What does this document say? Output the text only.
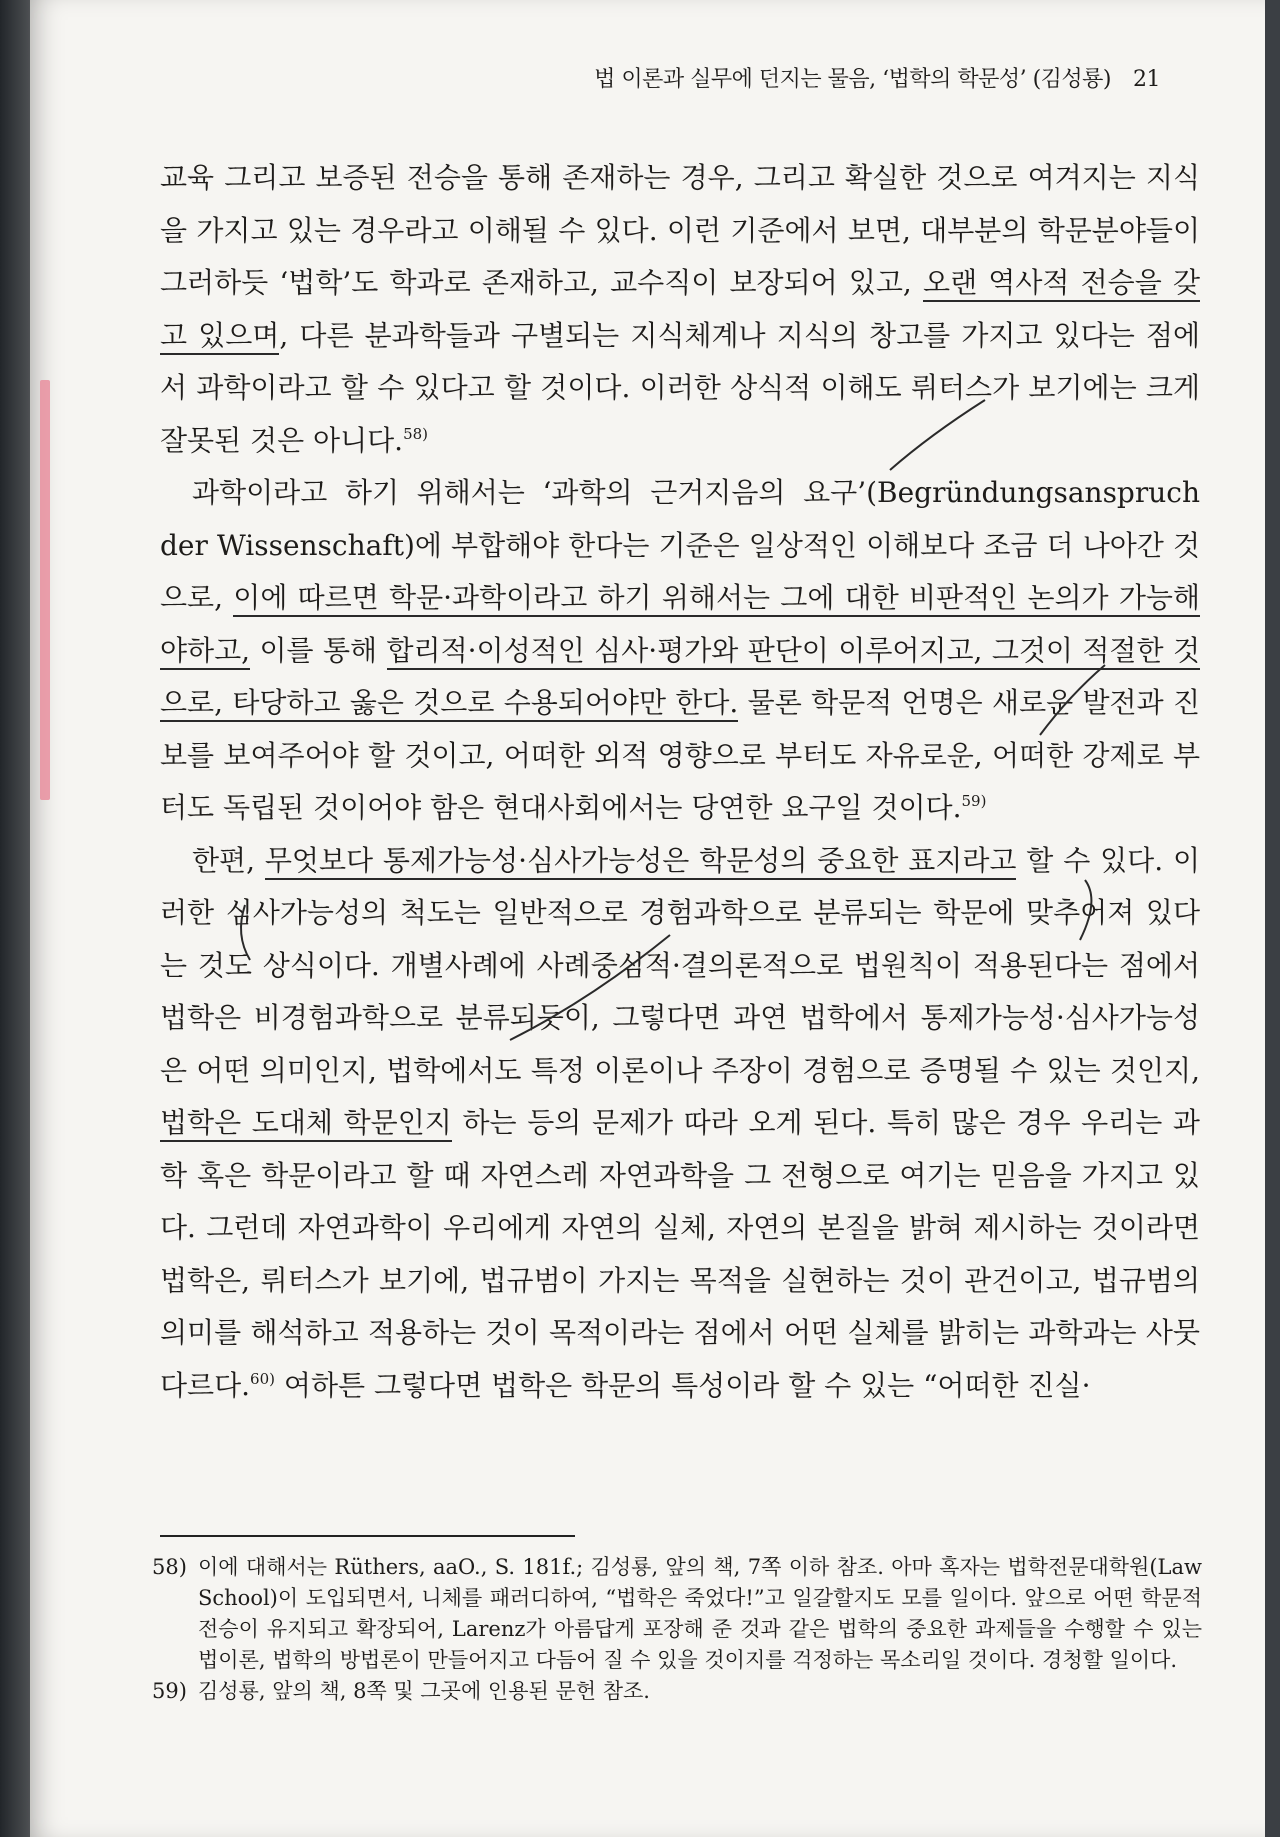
법 이론과 실무에 던지는 물음, ‘법학의 학문성’ (김성룡) 21

교육 그리고 보증된 전승을 통해 존재하는 경우, 그리고 확실한 것으로 여겨지는 지식을 가지고 있는 경우라고 이해될 수 있다. 이런 기준에서 보면, 대부분의 학문분야들이 그러하듯 ‘법학’도 학과로 존재하고, 교수직이 보장되어 있고, 오랜 역사적 전승을 갖고 있으며, 다른 분과학들과 구별되는 지식체계나 지식의 창고를 가지고 있다는 점에서 과학이라고 할 수 있다고 할 것이다. 이러한 상식적 이해도 뤼터스가 보기에는 크게 잘못된 것은 아니다.$^{58)}$

과학이라고 하기 위해서는 ‘과학의 근거지음의 요구’(Begründungsanspruch der Wissenschaft)에 부합해야 한다는 기준은 일상적인 이해보다 조금 더 나아간 것으로, 이에 따르면 학문·과학이라고 하기 위해서는 그에 대한 비판적인 논의가 가능해야하고, 이를 통해 합리적·이성적인 심사·평가와 판단이 이루어지고, 그것이 적절한 것으로, 타당하고 옳은 것으로 수용되어야만 한다. 물론 학문적 언명은 새로운 발전과 진보를 보여주어야 할 것이고, 어떠한 외적 영향으로 부터도 자유로운, 어떠한 강제로 부터도 독립된 것이어야 함은 현대사회에서는 당연한 요구일 것이다.$^{59)}$

한편, 무엇보다 통제가능성·심사가능성은 학문성의 중요한 표지라고 할 수 있다. 이러한 심사가능성의 척도는 일반적으로 경험과학으로 분류되는 학문에 맞추어져 있다는 것도 상식이다. 개별사례에 사례중심적·결의론적으로 법원칙이 적용된다는 점에서 법학은 비경험과학으로 분류되듯이, 그렇다면 과연 법학에서 통제가능성·심사가능성은 어떤 의미인지, 법학에서도 특정 이론이나 주장이 경험으로 증명될 수 있는 것인지, 법학은 도대체 학문인지 하는 등의 문제가 따라 오게 된다. 특히 많은 경우 우리는 과학 혹은 학문이라고 할 때 자연스레 자연과학을 그 전형으로 여기는 믿음을 가지고 있다. 그런데 자연과학이 우리에게 자연의 실체, 자연의 본질을 밝혀 제시하는 것이라면 법학은, 뤼터스가 보기에, 법규범이 가지는 목적을 실현하는 것이 관건이고, 법규범의 의미를 해석하고 적용하는 것이 목적이라는 점에서 어떤 실체를 밝히는 과학과는 사뭇 다르다.$^{60)}$ 여하튼 그렇다면 법학은 학문의 특성이라 할 수 있는 “어떠한 진실·

58) 이에 대해서는 Rüthers, aaO., S. 181f.; 김성룡, 앞의 책, 7쪽 이하 참조. 아마 혹자는 법학전문대학원(Law School)이 도입되면서, 니체를 패러디하여, “법학은 죽었다!”고 일갈할지도 모를 일이다. 앞으로 어떤 학문적 전승이 유지되고 확장되어, Larenz가 아름답게 포장해 준 것과 같은 법학의 중요한 과제들을 수행할 수 있는 법이론, 법학의 방법론이 만들어지고 다듬어 질 수 있을 것이지를 걱정하는 목소리일 것이다. 경청할 일이다.
59) 김성룡, 앞의 책, 8쪽 및 그곳에 인용된 문헌 참조.
